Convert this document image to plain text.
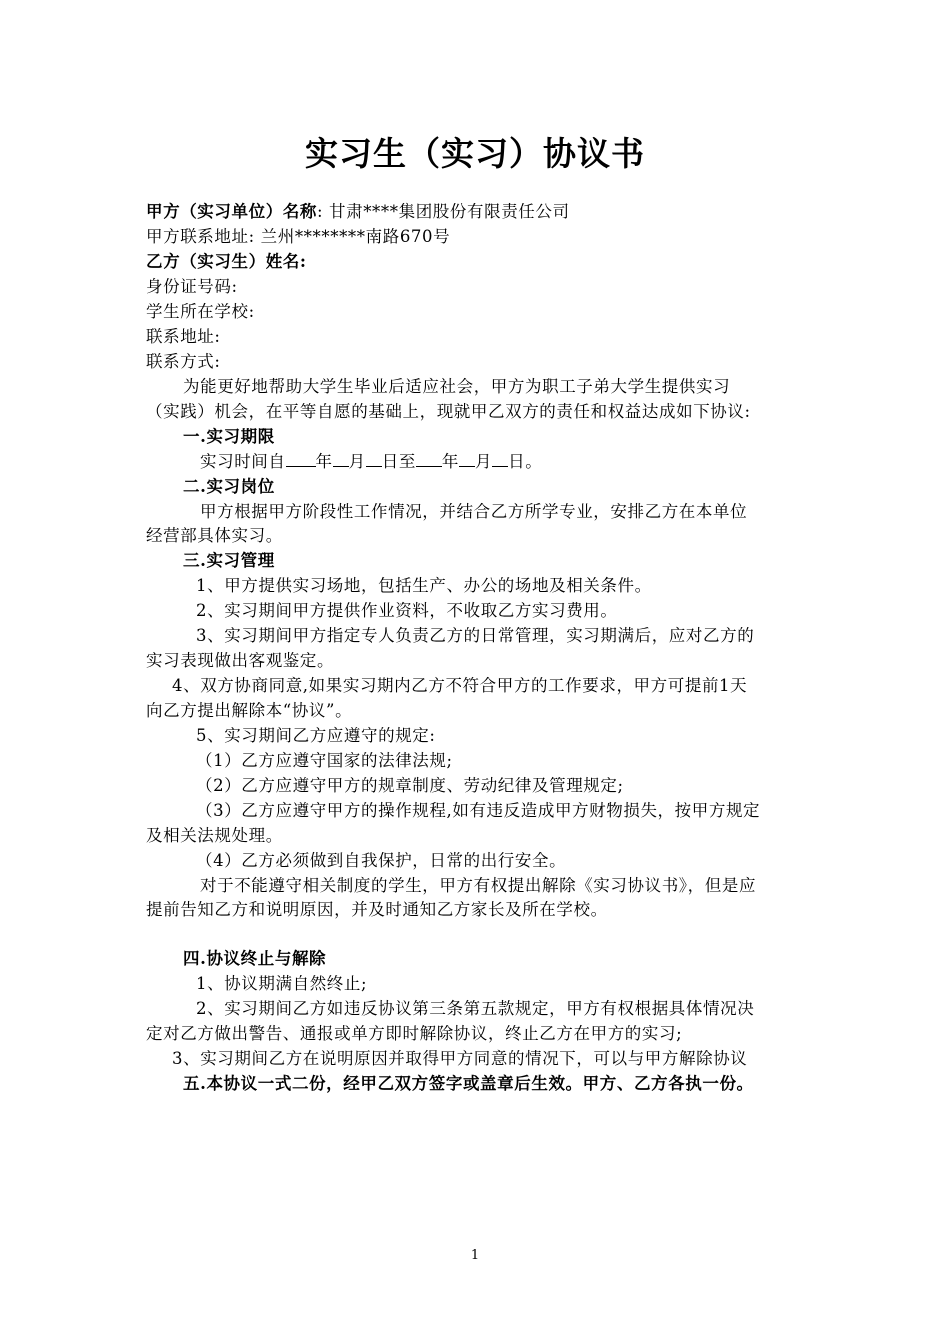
实习生（实习）协议书
甲方（实习单位）名称: 甘肃****集团股份有限责任公司
甲方联系地址: 兰州********南路670号
乙方（实习生）姓名:
身份证号码:
学生所在学校:
联系地址:
联系方式:
为能更好地帮助大学生毕业后适应社会，甲方为职工子弟大学生提供实习
（实践）机会，在平等自愿的基础上，现就甲乙双方的责任和权益达成如下协议:
一.实习期限
实习时间自 年 月 日至 年 月 日。
二.实习岗位
甲方根据甲方阶段性工作情况，并结合乙方所学专业，安排乙方在本单位
经营部具体实习。
三.实习管理
1、甲方提供实习场地，包括生产、办公的场地及相关条件。
2、实习期间甲方提供作业资料，不收取乙方实习费用。
3、实习期间甲方指定专人负责乙方的日常管理，实习期满后，应对乙方的
实习表现做出客观鉴定。
4、双方协商同意,如果实习期内乙方不符合甲方的工作要求，甲方可提前1天
向乙方提出解除本“协议”。
5、实习期间乙方应遵守的规定:
（1）乙方应遵守国家的法律法规;
（2）乙方应遵守甲方的规章制度、劳动纪律及管理规定;
（3）乙方应遵守甲方的操作规程,如有违反造成甲方财物损失，按甲方规定
及相关法规处理。
（4）乙方必须做到自我保护，日常的出行安全。
对于不能遵守相关制度的学生，甲方有权提出解除《实习协议书》，但是应
提前告知乙方和说明原因，并及时通知乙方家长及所在学校。
四.协议终止与解除
1、协议期满自然终止;
2、实习期间乙方如违反协议第三条第五款规定，甲方有权根据具体情况决
定对乙方做出警告、通报或单方即时解除协议，终止乙方在甲方的实习;
3、实习期间乙方在说明原因并取得甲方同意的情况下，可以与甲方解除协议
五.本协议一式二份，经甲乙双方签字或盖章后生效。甲方、乙方各执一份。
1
